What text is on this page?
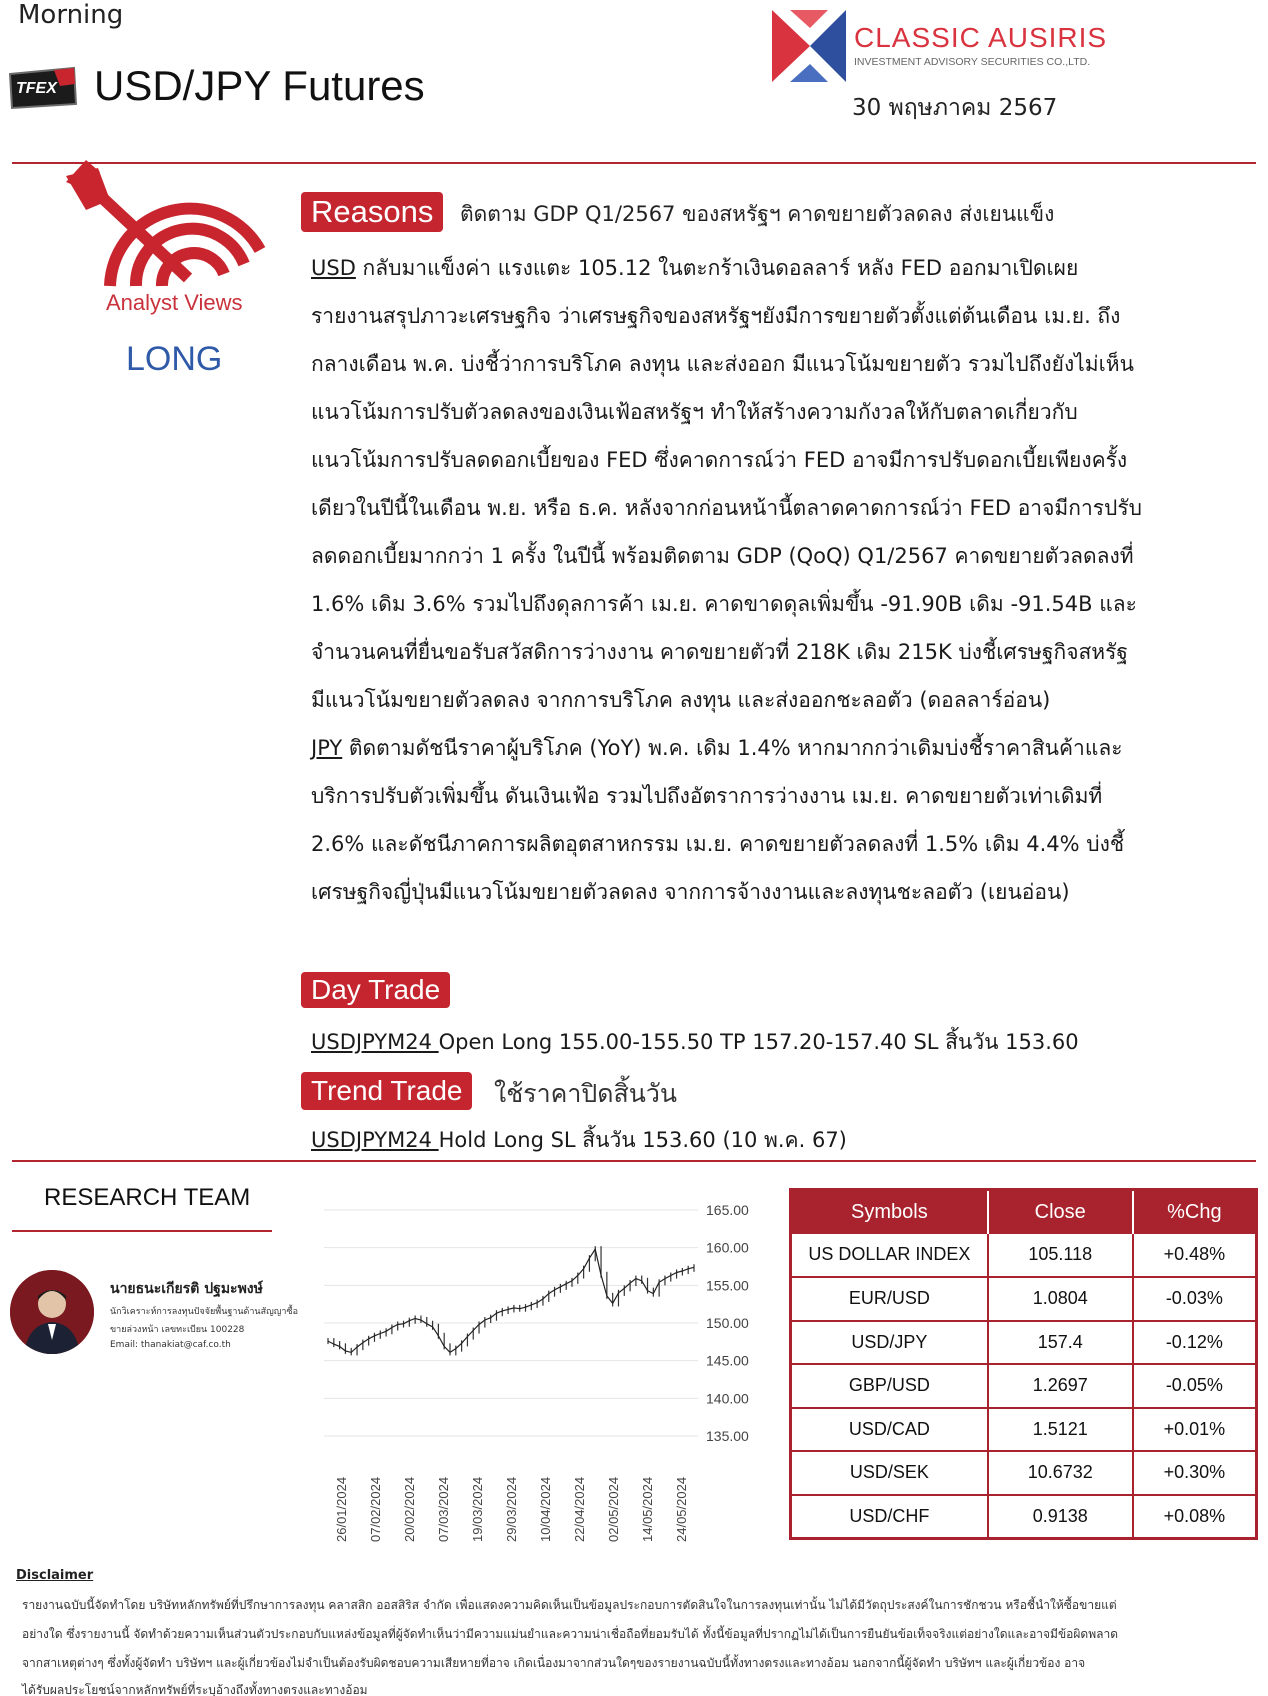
Morning
TFEX USD/JPY Futures
CLASSIC AUSIRIS
INVESTMENT ADVISORY SECURITIES CO.,LTD.
30 พฤษภาคม 2567
Analyst Views
LONG
Reasons	ติดตาม GDP Q1/2567 ของสหรัฐฯ คาดขยายตัวลดลง ส่งเยนแข็ง
USD กลับมาแข็งค่า แรงแตะ 105.12 ในตะกร้าเงินดอลลาร์ หลัง FED ออกมาเปิดเผย
รายงานสรุปภาวะเศรษฐกิจ ว่าเศรษฐกิจของสหรัฐฯยังมีการขยายตัวตั้งแต่ต้นเดือน เม.ย. ถึง
กลางเดือน พ.ค. บ่งชี้ว่าการบริโภค ลงทุน และส่งออก มีแนวโน้มขยายตัว รวมไปถึงยังไม่เห็น
แนวโน้มการปรับตัวลดลงของเงินเฟ้อสหรัฐฯ ทำให้สร้างความกังวลให้กับตลาดเกี่ยวกับ
แนวโน้มการปรับลดดอกเบี้ยของ FED ซึ่งคาดการณ์ว่า FED อาจมีการปรับดอกเบี้ยเพียงครั้ง
เดียวในปีนี้ในเดือน พ.ย. หรือ ธ.ค. หลังจากก่อนหน้านี้ตลาดคาดการณ์ว่า FED อาจมีการปรับ
ลดดอกเบี้ยมากกว่า 1 ครั้ง ในปีนี้ พร้อมติดตาม GDP (QoQ) Q1/2567 คาดขยายตัวลดลงที่
1.6% เดิม 3.6% รวมไปถึงดุลการค้า เม.ย. คาดขาดดุลเพิ่มขึ้น -91.90B เดิม -91.54B และ
จำนวนคนที่ยื่นขอรับสวัสดิการว่างงาน คาดขยายตัวที่ 218K เดิม 215K บ่งชี้เศรษฐกิจสหรัฐ
มีแนวโน้มขยายตัวลดลง จากการบริโภค ลงทุน และส่งออกชะลอตัว (ดอลลาร์อ่อน)
JPY ติดตามดัชนีราคาผู้บริโภค (YoY) พ.ค. เดิม 1.4% หากมากกว่าเดิมบ่งชี้ราคาสินค้าและ
บริการปรับตัวเพิ่มขึ้น ดันเงินเฟ้อ รวมไปถึงอัตราการว่างงาน เม.ย. คาดขยายตัวเท่าเดิมที่
2.6% และดัชนีภาคการผลิตอุตสาหกรรม เม.ย. คาดขยายตัวลดลงที่ 1.5% เดิม 4.4% บ่งชี้
เศรษฐกิจญี่ปุ่นมีแนวโน้มขยายตัวลดลง จากการจ้างงานและลงทุนชะลอตัว (เยนอ่อน)
Day Trade
USDJPYM24 Open Long 155.00-155.50 TP 157.20-157.40 SL สิ้นวัน 153.60
Trend Trade	ใช้ราคาปิดสิ้นวัน
USDJPYM24 Hold Long SL สิ้นวัน 153.60 (10 พ.ค. 67)
RESEARCH TEAM
นายธนะเกียรติ ปฐมะพงษ์
นักวิเคราะห์การลงทุนปัจจัยพื้นฐานด้านสัญญาซื้อ
ขายล่วงหน้า เลขทะเบียน 100228
Email: thanakiat@caf.co.th
165.00
160.00
155.00
150.00
145.00
140.00
135.00
26/01/2024 07/02/2024 20/02/2024 07/03/2024 19/03/2024 29/03/2024 10/04/2024 22/04/2024 02/05/2024 14/05/2024 24/05/2024
Symbols	Close	%Chg
US DOLLAR INDEX	105.118	+0.48%
EUR/USD	1.0804	-0.03%
USD/JPY	157.4	-0.12%
GBP/USD	1.2697	-0.05%
USD/CAD	1.5121	+0.01%
USD/SEK	10.6732	+0.30%
USD/CHF	0.9138	+0.08%
Disclaimer
รายงานฉบับนี้จัดทำโดย บริษัทหลักทรัพย์ที่ปรึกษาการลงทุน คลาสสิก ออสสิริส จำกัด เพื่อแสดงความคิดเห็นเป็นข้อมูลประกอบการตัดสินใจในการลงทุนเท่านั้น ไม่ได้มีวัตถุประสงค์ในการชักชวน หรือชี้นำให้ซื้อขายแต่
อย่างใด ซึ่งรายงานนี้ จัดทำด้วยความเห็นส่วนตัวประกอบกับแหล่งข้อมูลที่ผู้จัดทำเห็นว่ามีความแม่นยำและความน่าเชื่อถือที่ยอมรับได้ ทั้งนี้ข้อมูลที่ปรากฏไม่ได้เป็นการยืนยันข้อเท็จจริงแต่อย่างใดและอาจมีข้อผิดพลาด
จากสาเหตุต่างๆ ซึ่งทั้งผู้จัดทำ บริษัทฯ และผู้เกี่ยวข้องไม่จำเป็นต้องรับผิดชอบความเสียหายที่อาจ เกิดเนื่องมาจากส่วนใดๆของรายงานฉบับนี้ทั้งทางตรงและทางอ้อม นอกจากนี้ผู้จัดทำ บริษัทฯ และผู้เกี่ยวข้อง อาจ
ได้รับผลประโยชน์จากหลักทรัพย์ที่ระบุอ้างถึงทั้งทางตรงและทางอ้อม
